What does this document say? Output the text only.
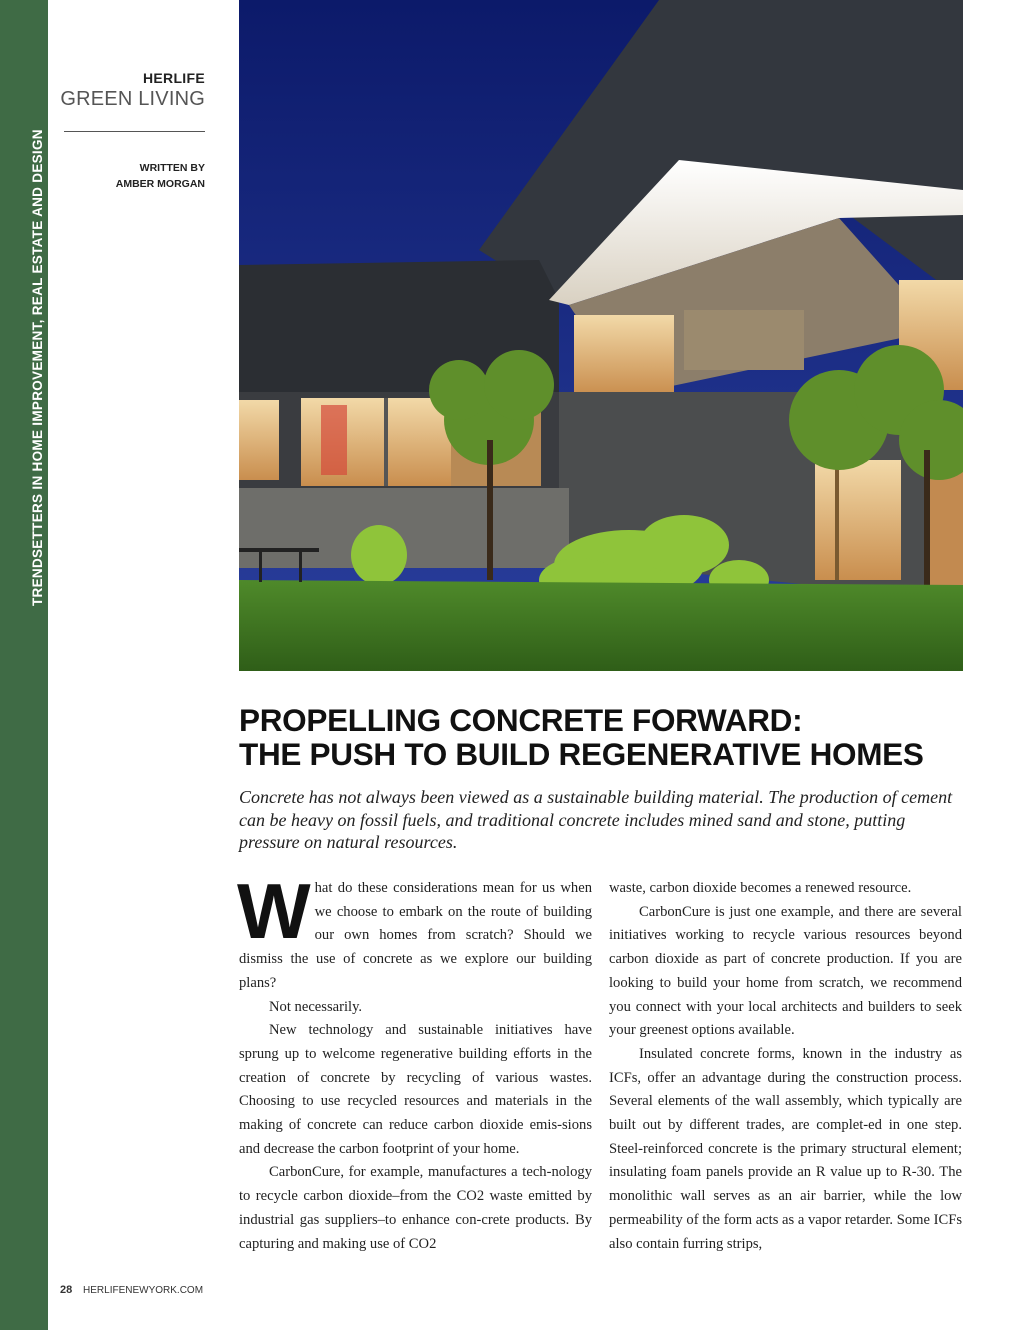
TRENDSETTERS IN HOME IMPROVEMENT, REAL ESTATE AND DESIGN
HERLIFE
GREEN LIVING
WRITTEN BY
AMBER MORGAN
PROPELLING CONCRETE FORWARD:
THE PUSH TO BUILD REGENERATIVE HOMES
Concrete has not always been viewed as a sustainable building material. The production of cement can be heavy on fossil fuels, and traditional concrete includes mined sand and stone, putting pressure on natural resources.

What do these considerations mean for us when we choose to embark on the route of building our own homes from scratch? Should we dismiss the use of concrete as we explore our building plans?

Not necessarily.

New technology and sustainable initiatives have sprung up to welcome regenerative building efforts in the creation of concrete by recycling of various wastes. Choosing to use recycled resources and materials in the making of concrete can reduce carbon dioxide emis-sions and decrease the carbon footprint of your home.

CarbonCure, for example, manufactures a tech-nology to recycle carbon dioxide–from the CO2 waste emitted by industrial gas suppliers–to enhance con-crete products. By capturing and making use of CO2

waste, carbon dioxide becomes a renewed resource.

CarbonCure is just one example, and there are several initiatives working to recycle various resources beyond carbon dioxide as part of concrete production. If you are looking to build your home from scratch, we recommend you connect with your local architects and builders to seek your greenest options available.

Insulated concrete forms, known in the industry as ICFs, offer an advantage during the construction process. Several elements of the wall assembly, which typically are built out by different trades, are complet-ed in one step. Steel-reinforced concrete is the primary structural element; insulating foam panels provide an R value up to R-30. The monolithic wall serves as an air barrier, while the low permeability of the form acts as a vapor retarder. Some ICFs also contain furring strips,

28 HERLIFENEWYORK.COM
